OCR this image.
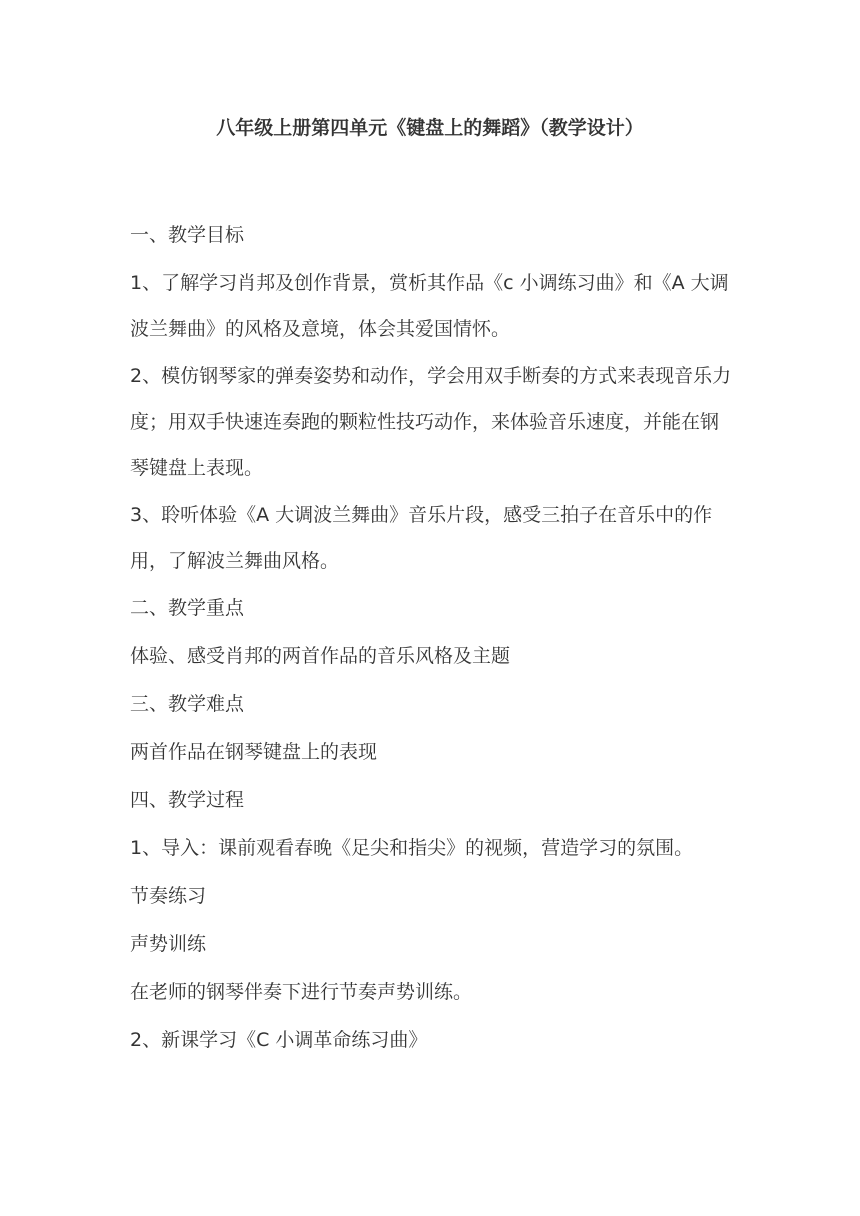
八年级上册第四单元《键盘上的舞蹈》（教学设计）

一、教学目标

1、了解学习肖邦及创作背景，赏析其作品《c 小调练习曲》和《A 大调波兰舞曲》的风格及意境，体会其爱国情怀。

2、模仿钢琴家的弹奏姿势和动作，学会用双手断奏的方式来表现音乐力度；用双手快速连奏跑的颗粒性技巧动作，来体验音乐速度，并能在钢琴键盘上表现。

3、聆听体验《A 大调波兰舞曲》音乐片段，感受三拍子在音乐中的作用，了解波兰舞曲风格。

二、教学重点

体验、感受肖邦的两首作品的音乐风格及主题

三、教学难点

两首作品在钢琴键盘上的表现

四、教学过程

1、导入：课前观看春晚《足尖和指尖》的视频，营造学习的氛围。

节奏练习

声势训练

在老师的钢琴伴奏下进行节奏声势训练。

2、新课学习《C 小调革命练习曲》
